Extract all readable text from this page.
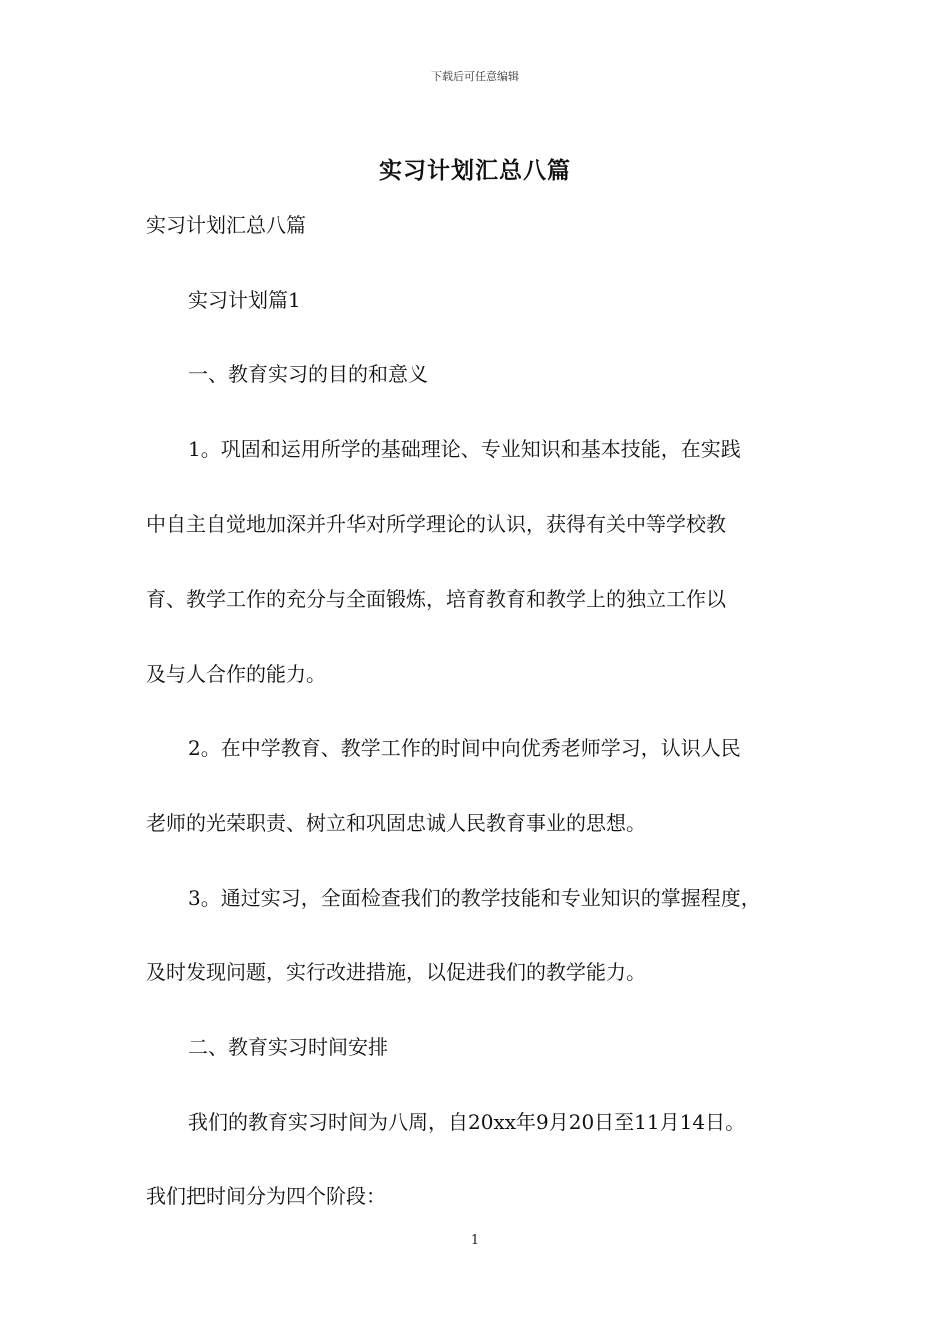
下载后可任意编辑
实习计划汇总八篇
实习计划汇总八篇
实习计划篇1
一、教育实习的目的和意义
1。巩固和运用所学的基础理论、专业知识和基本技能，在实践
中自主自觉地加深并升华对所学理论的认识，获得有关中等学校教
育、教学工作的充分与全面锻炼，培育教育和教学上的独立工作以
及与人合作的能力。
2。在中学教育、教学工作的时间中向优秀老师学习，认识人民
老师的光荣职责、树立和巩固忠诚人民教育事业的思想。
3。通过实习，全面检查我们的教学技能和专业知识的掌握程度，
及时发现问题，实行改进措施，以促进我们的教学能力。
二、教育实习时间安排
我们的教育实习时间为八周，自20xx年9月20日至11月14日。
我们把时间分为四个阶段：
1
